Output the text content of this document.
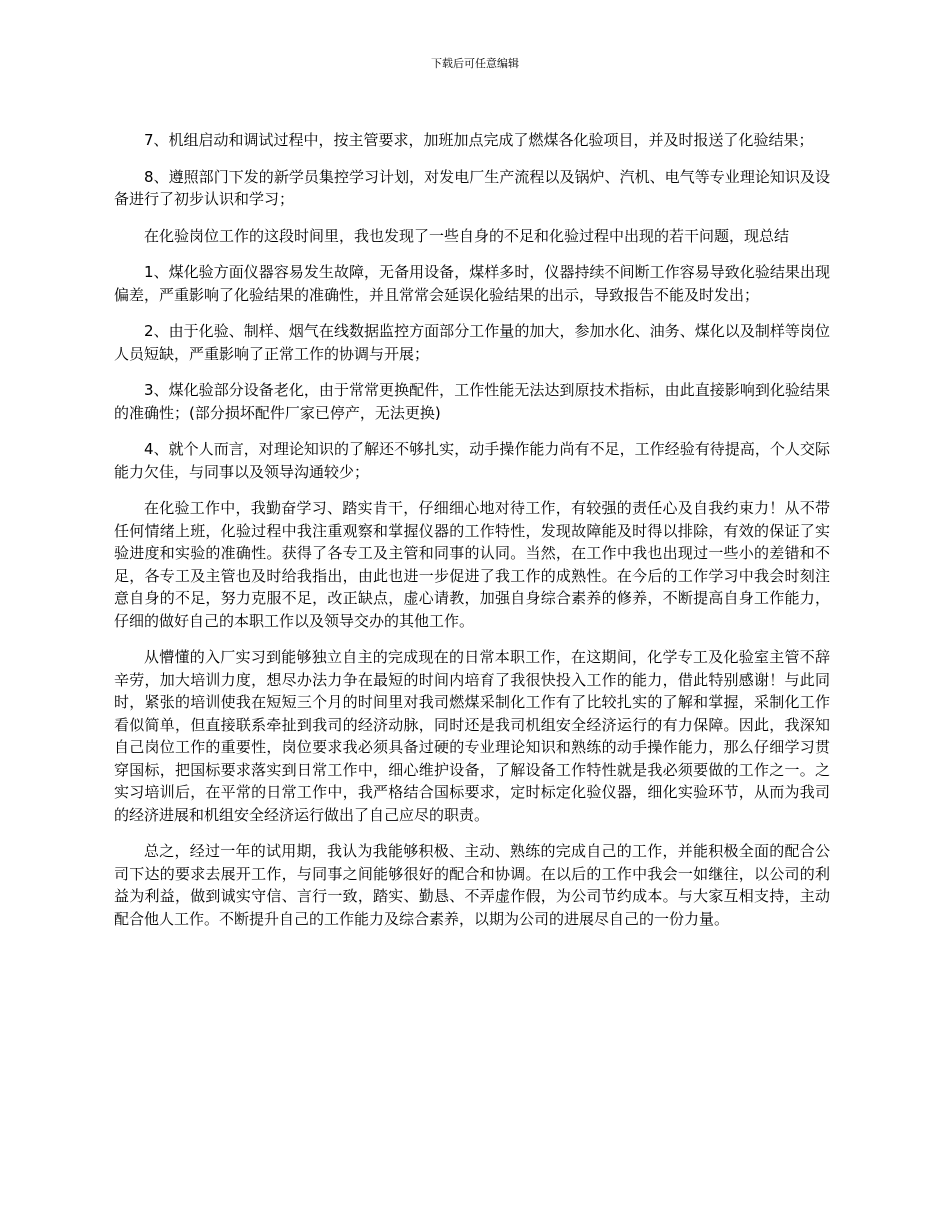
下载后可任意编辑

7、机组启动和调试过程中，按主管要求，加班加点完成了燃煤各化验项目，并及时报送了化验结果；

8、遵照部门下发的新学员集控学习计划，对发电厂生产流程以及锅炉、汽机、电气等专业理论知识及设备进行了初步认识和学习；

在化验岗位工作的这段时间里，我也发现了一些自身的不足和化验过程中出现的若干问题，现总结

1、煤化验方面仪器容易发生故障，无备用设备，煤样多时，仪器持续不间断工作容易导致化验结果出现偏差，严重影响了化验结果的准确性，并且常常会延误化验结果的出示，导致报告不能及时发出；

2、由于化验、制样、烟气在线数据监控方面部分工作量的加大，参加水化、油务、煤化以及制样等岗位人员短缺，严重影响了正常工作的协调与开展；

3、煤化验部分设备老化，由于常常更换配件，工作性能无法达到原技术指标，由此直接影响到化验结果的准确性；(部分损坏配件厂家已停产，无法更换)

4、就个人而言，对理论知识的了解还不够扎实，动手操作能力尚有不足，工作经验有待提高，个人交际能力欠佳，与同事以及领导沟通较少；

在化验工作中，我勤奋学习、踏实肯干，仔细细心地对待工作，有较强的责任心及自我约束力！从不带任何情绪上班，化验过程中我注重观察和掌握仪器的工作特性，发现故障能及时得以排除，有效的保证了实验进度和实验的准确性。获得了各专工及主管和同事的认同。当然，在工作中我也出现过一些小的差错和不足，各专工及主管也及时给我指出，由此也进一步促进了我工作的成熟性。在今后的工作学习中我会时刻注意自身的不足，努力克服不足，改正缺点，虚心请教，加强自身综合素养的修养，不断提高自身工作能力，仔细的做好自己的本职工作以及领导交办的其他工作。

从懵懂的入厂实习到能够独立自主的完成现在的日常本职工作，在这期间，化学专工及化验室主管不辞辛劳，加大培训力度，想尽办法力争在最短的时间内培育了我很快投入工作的能力，借此特别感谢！与此同时，紧张的培训使我在短短三个月的时间里对我司燃煤采制化工作有了比较扎实的了解和掌握，采制化工作看似简单，但直接联系牵扯到我司的经济动脉，同时还是我司机组安全经济运行的有力保障。因此，我深知自己岗位工作的重要性，岗位要求我必须具备过硬的专业理论知识和熟练的动手操作能力，那么仔细学习贯穿国标，把国标要求落实到日常工作中，细心维护设备，了解设备工作特性就是我必须要做的工作之一。之实习培训后，在平常的日常工作中，我严格结合国标要求，定时标定化验仪器，细化实验环节，从而为我司的经济进展和机组安全经济运行做出了自己应尽的职责。

总之，经过一年的试用期，我认为我能够积极、主动、熟练的完成自己的工作，并能积极全面的配合公司下达的要求去展开工作，与同事之间能够很好的配合和协调。在以后的工作中我会一如继往，以公司的利益为利益，做到诚实守信、言行一致，踏实、勤恳、不弄虚作假，为公司节约成本。与大家互相支持，主动配合他人工作。不断提升自己的工作能力及综合素养，以期为公司的进展尽自己的一份力量。
